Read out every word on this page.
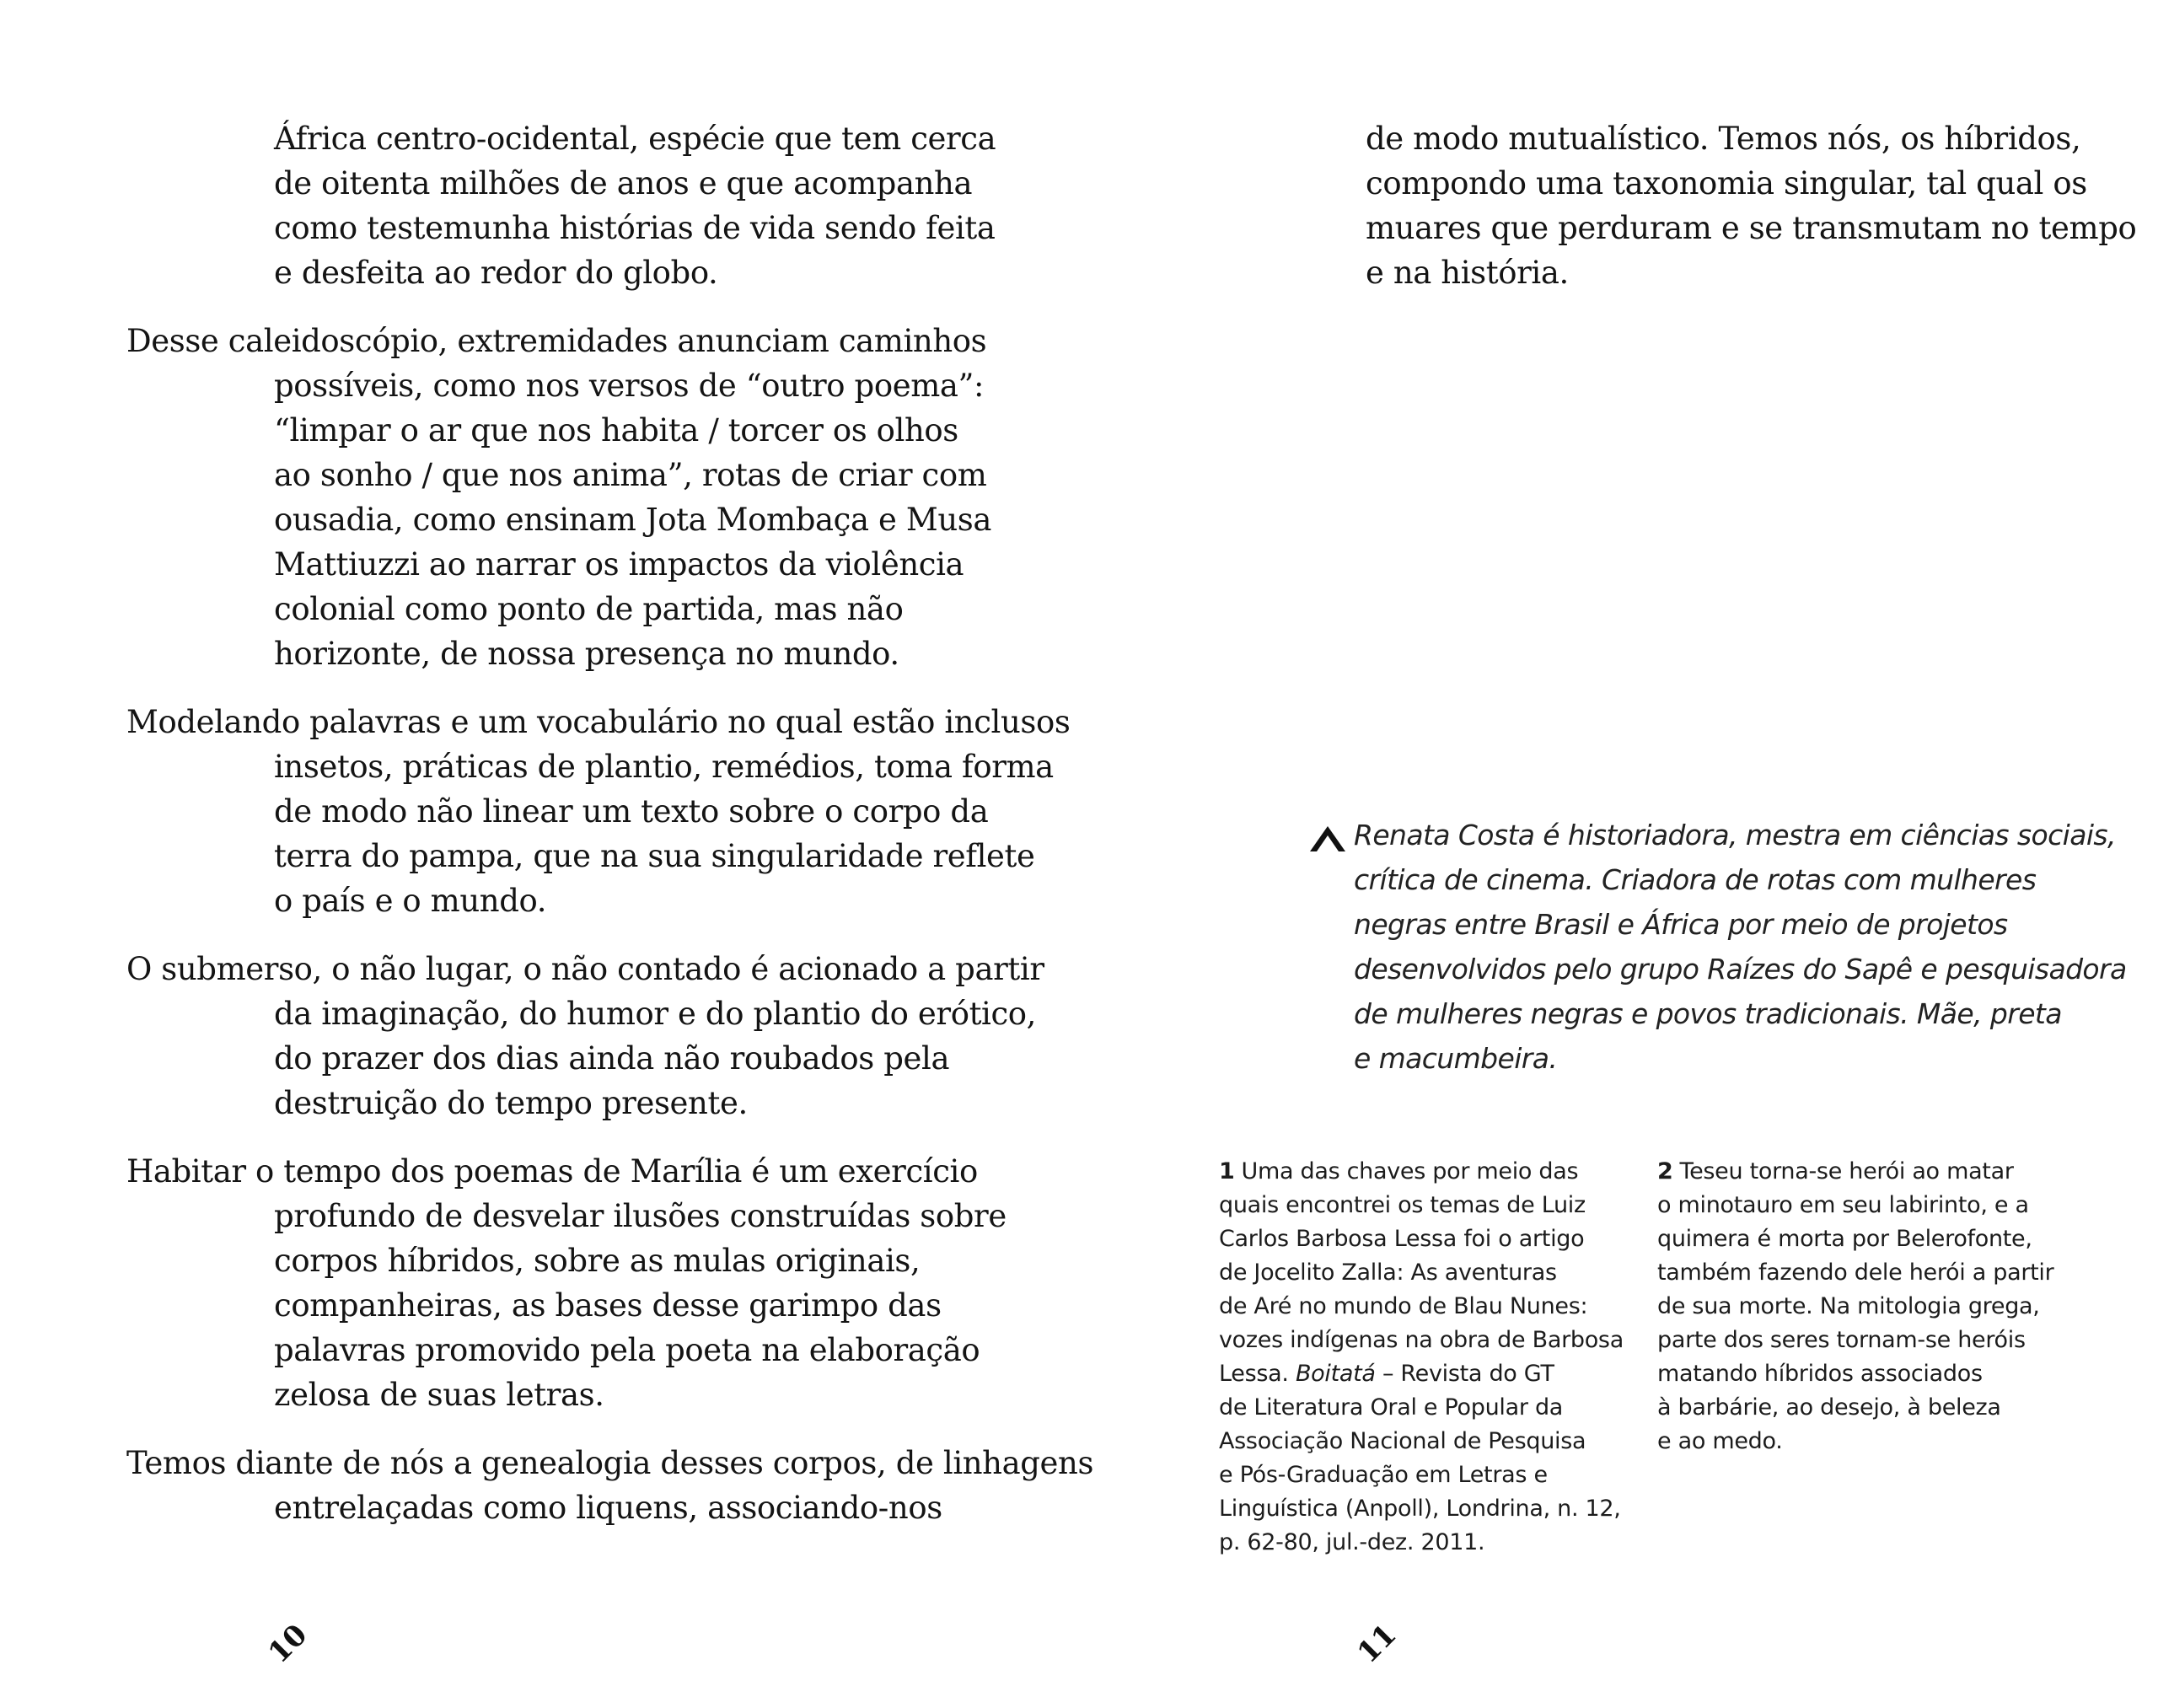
África centro-ocidental, espécie que tem cerca
de oitenta milhões de anos e que acompanha
como testemunha histórias de vida sendo feita
e desfeita ao redor do globo.
Desse caleidoscópio, extremidades anunciam caminhos
possíveis, como nos versos de “outro poema”:
“limpar o ar que nos habita / torcer os olhos
ao sonho / que nos anima”, rotas de criar com
ousadia, como ensinam Jota Mombaça e Musa
Mattiuzzi ao narrar os impactos da violência
colonial como ponto de partida, mas não
horizonte, de nossa presença no mundo.
Modelando palavras e um vocabulário no qual estão inclusos
insetos, práticas de plantio, remédios, toma forma
de modo não linear um texto sobre o corpo da
terra do pampa, que na sua singularidade reflete
o país e o mundo.
O submerso, o não lugar, o não contado é acionado a partir
da imaginação, do humor e do plantio do erótico,
do prazer dos dias ainda não roubados pela
destruição do tempo presente.
Habitar o tempo dos poemas de Marília é um exercício
profundo de desvelar ilusões construídas sobre
corpos híbridos, sobre as mulas originais,
companheiras, as bases desse garimpo das
palavras promovido pela poeta na elaboração
zelosa de suas letras.
Temos diante de nós a genealogia desses corpos, de linhagens
entrelaçadas como liquens, associando-nos
10
de modo mutualístico. Temos nós, os híbridos,
compondo uma taxonomia singular, tal qual os
muares que perduram e se transmutam no tempo
e na história.
Renata Costa é historiadora, mestra em ciências sociais,
crítica de cinema. Criadora de rotas com mulheres
negras entre Brasil e África por meio de projetos
desenvolvidos pelo grupo Raízes do Sapê e pesquisadora
de mulheres negras e povos tradicionais. Mãe, preta
e macumbeira.
1 Uma das chaves por meio das
quais encontrei os temas de Luiz
Carlos Barbosa Lessa foi o artigo
de Jocelito Zalla: As aventuras
de Aré no mundo de Blau Nunes:
vozes indígenas na obra de Barbosa
Lessa. Boitatá – Revista do GT
de Literatura Oral e Popular da
Associação Nacional de Pesquisa
e Pós-Graduação em Letras e
Linguística (Anpoll), Londrina, n. 12,
p. 62-80, jul.-dez. 2011.
2 Teseu torna-se herói ao matar
o minotauro em seu labirinto, e a
quimera é morta por Belerofonte,
também fazendo dele herói a partir
de sua morte. Na mitologia grega,
parte dos seres tornam-se heróis
matando híbridos associados
à barbárie, ao desejo, à beleza
e ao medo.
11
